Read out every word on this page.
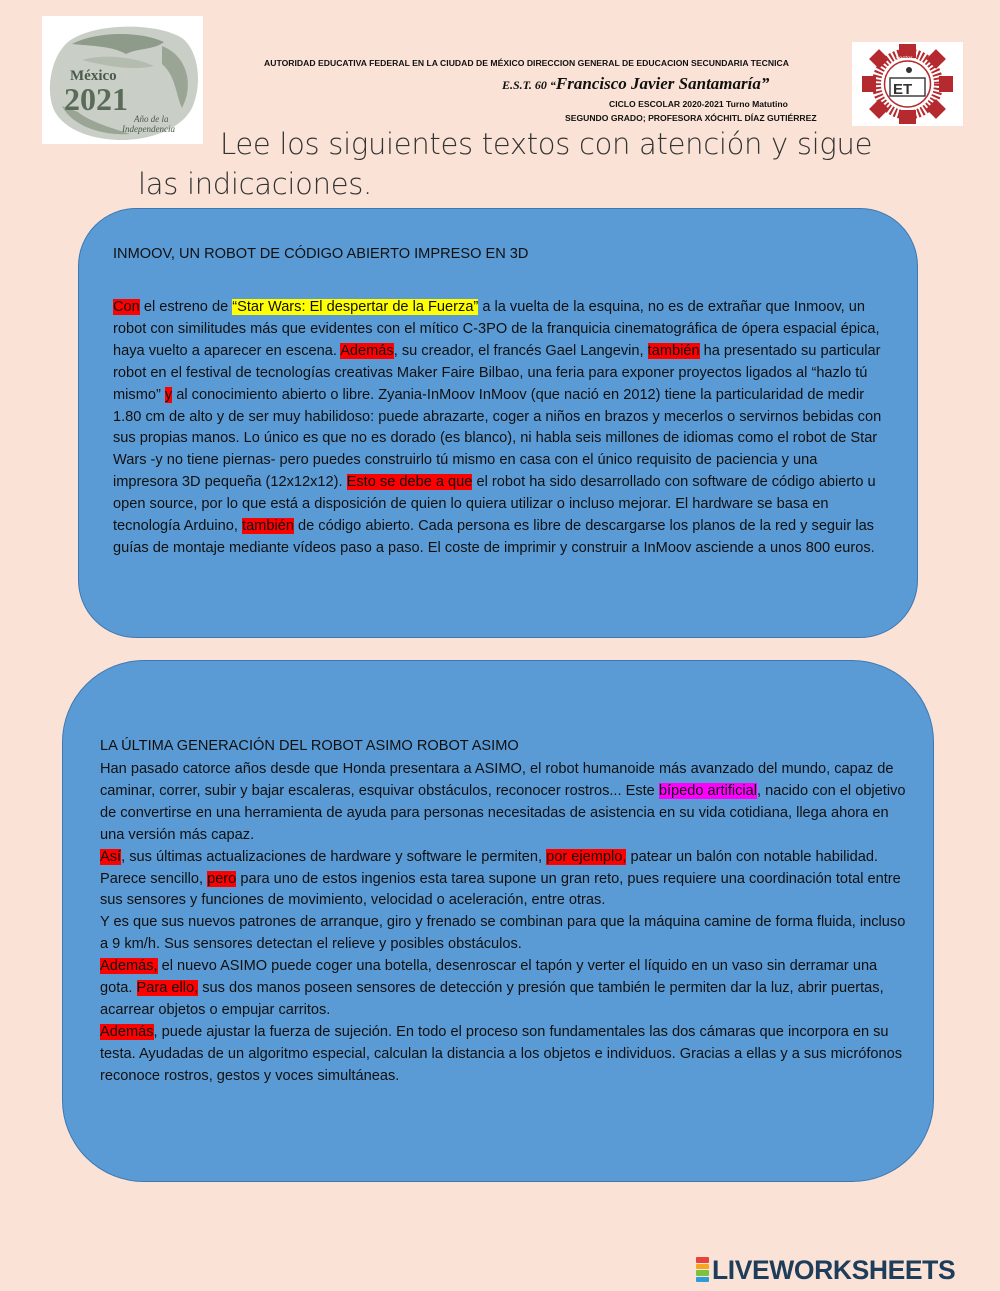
México
2021
Año de la
Independencia
AUTORIDAD EDUCATIVA FEDERAL EN LA CIUDAD DE MÉXICO DIRECCION GENERAL DE EDUCACION SECUNDARIA TECNICA
E.S.T. 60 “Francisco Javier Santamaría”
CICLO ESCOLAR 2020-2021 Turno Matutino
SEGUNDO GRADO; PROFESORA XÓCHITL DÍAZ GUTIÉRREZ
ET
sector
Lee los siguientes textos con atención y sigue
las indicaciones.

INMOOV, UN ROBOT DE CÓDIGO ABIERTO IMPRESO EN 3D

Con el estreno de “Star Wars: El despertar de la Fuerza” a la vuelta de la esquina, no es de extrañar que Inmoov, un robot con similitudes más que evidentes con el mítico C-3PO de la franquicia cinematográfica de ópera espacial épica, haya vuelto a aparecer en escena. Además, su creador, el francés Gael Langevin, también ha presentado su particular robot en el festival de tecnologías creativas Maker Faire Bilbao, una feria para exponer proyectos ligados al “hazlo tú mismo” y al conocimiento abierto o libre. Zyania-InMoov InMoov (que nació en 2012) tiene la particularidad de medir 1.80 cm de alto y de ser muy habilidoso: puede abrazarte, coger a niños en brazos y mecerlos o servirnos bebidas con sus propias manos. Lo único es que no es dorado (es blanco), ni habla seis millones de idiomas como el robot de Star Wars -y no tiene piernas- pero puedes construirlo tú mismo en casa con el único requisito de paciencia y una impresora 3D pequeña (12x12x12). Esto se debe a que el robot ha sido desarrollado con software de código abierto u open source, por lo que está a disposición de quien lo quiera utilizar o incluso mejorar. El hardware se basa en tecnología Arduino, también de código abierto. Cada persona es libre de descargarse los planos de la red y seguir las guías de montaje mediante vídeos paso a paso. El coste de imprimir y construir a InMoov asciende a unos 800 euros.

LA ÚLTIMA GENERACIÓN DEL ROBOT ASIMO ROBOT ASIMO

Han pasado catorce años desde que Honda presentara a ASIMO, el robot humanoide más avanzado del mundo, capaz de caminar, correr, subir y bajar escaleras, esquivar obstáculos, reconocer rostros... Este bípedo artificial, nacido con el objetivo de convertirse en una herramienta de ayuda para personas necesitadas de asistencia en su vida cotidiana, llega ahora en una versión más capaz.

Así, sus últimas actualizaciones de hardware y software le permiten, por ejemplo, patear un balón con notable habilidad. Parece sencillo, pero para uno de estos ingenios esta tarea supone un gran reto, pues requiere una coordinación total entre sus sensores y funciones de movimiento, velocidad o aceleración, entre otras.

Y es que sus nuevos patrones de arranque, giro y frenado se combinan para que la máquina camine de forma fluida, incluso a 9 km/h. Sus sensores detectan el relieve y posibles obstáculos.

Además, el nuevo ASIMO puede coger una botella, desenroscar el tapón y verter el líquido en un vaso sin derramar una gota. Para ello, sus dos manos poseen sensores de detección y presión que también le permiten dar la luz, abrir puertas, acarrear objetos o empujar carritos.

Además, puede ajustar la fuerza de sujeción. En todo el proceso son fundamentales las dos cámaras que incorpora en su testa. Ayudadas de un algoritmo especial, calculan la distancia a los objetos e individuos. Gracias a ellas y a sus micrófonos reconoce rostros, gestos y voces simultáneas.

LIVEWORKSHEETS
